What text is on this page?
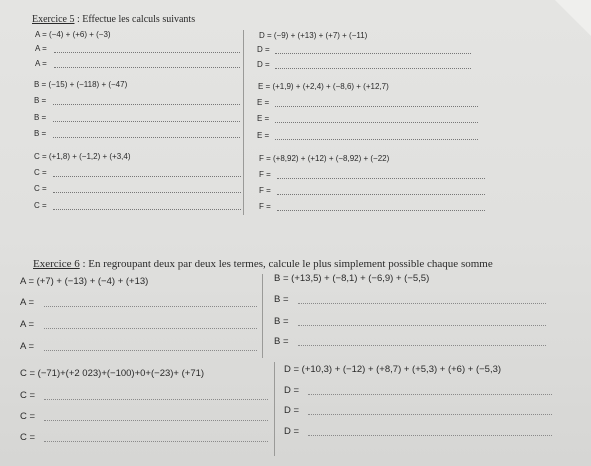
Exercice 5 : Effectue les calculs suivants
A = (−4) + (+6) + (−3)
A =
A =
D = (−9) + (+13) + (+7) + (−11)
D =
D =
B = (−15) + (−118) + (−47)
B =
B =
B =
E = (+1,9) + (+2,4) + (−8,6) + (+12,7)
E =
E =
E =
C = (+1,8) + (−1,2) + (+3,4)
C =
C =
C =
F = (+8,92) + (+12) + (−8,92) + (−22)
F =
F =
F =
Exercice 6 : En regroupant deux par deux les termes, calcule le plus simplement possible chaque somme
A = (+7) + (−13) + (−4) + (+13)
A =
A =
A =
B = (+13,5) + (−8,1) + (−6,9) + (−5,5)
B =
B =
B =
C = (−71)+(+2 023)+(−100)+0+(−23)+ (+71)
C =
C =
C =
D = (+10,3) + (−12) + (+8,7) + (+5,3) + (+6) + (−5,3)
D =
D =
D =
